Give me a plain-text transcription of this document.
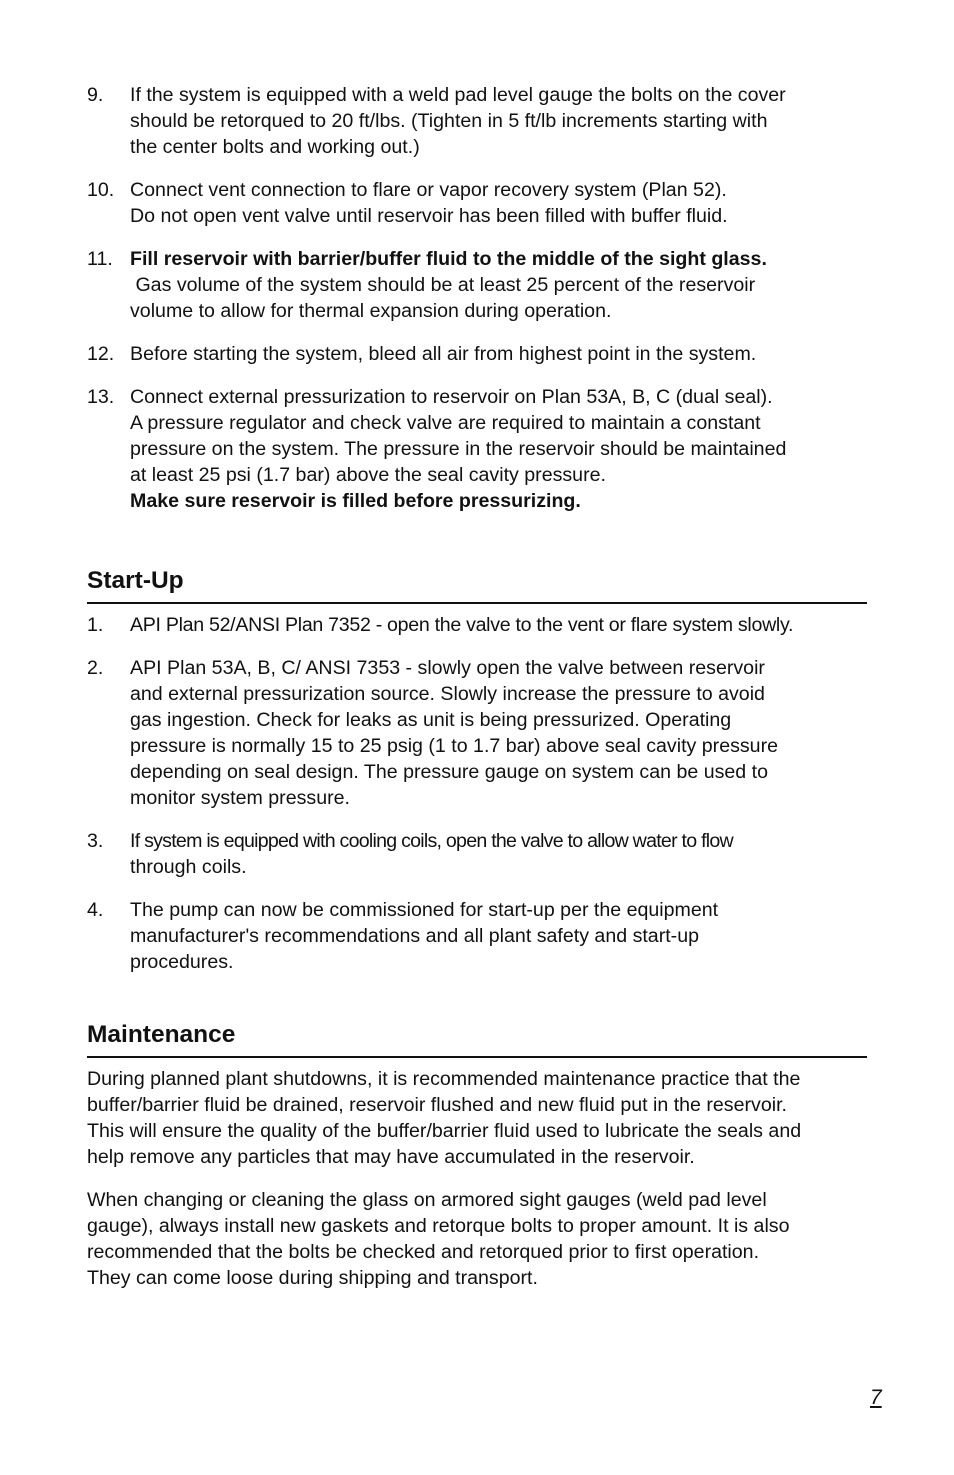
9.	If the system is equipped with a weld pad level gauge the bolts on the cover
should be retorqued to 20 ft/lbs. (Tighten in 5 ft/lb increments starting with
the center bolts and working out.)
10. Connect vent connection to flare or vapor recovery system (Plan 52).
Do not open vent valve until reservoir has been filled with buffer fluid.
11. Fill reservoir with barrier/buffer fluid to the middle of the sight glass.
Gas volume of the system should be at least 25 percent of the reservoir
volume to allow for thermal expansion during operation.
12. Before starting the system, bleed all air from highest point in the system.
13. Connect external pressurization to reservoir on Plan 53A, B, C (dual seal).
A pressure regulator and check valve are required to maintain a constant
pressure on the system. The pressure in the reservoir should be maintained
at least 25 psi (1.7 bar) above the seal cavity pressure.
Make sure reservoir is filled before pressurizing.
Start-Up
1.	API Plan 52/ANSI Plan 7352 - open the valve to the vent or flare system slowly.
2.	API Plan 53A, B, C/ ANSI 7353 - slowly open the valve between reservoir
and external pressurization source. Slowly increase the pressure to avoid
gas ingestion. Check for leaks as unit is being pressurized. Operating
pressure is normally 15 to 25 psig (1 to 1.7 bar) above seal cavity pressure
depending on seal design. The pressure gauge on system can be used to
monitor system pressure.
3.	If system is equipped with cooling coils, open the valve to allow water to flow
through coils.
4.	The pump can now be commissioned for start-up per the equipment
manufacturer's recommendations and all plant safety and start-up
procedures.
Maintenance
During planned plant shutdowns, it is recommended maintenance practice that the
buffer/barrier fluid be drained, reservoir flushed and new fluid put in the reservoir.
This will ensure the quality of the buffer/barrier fluid used to lubricate the seals and
help remove any particles that may have accumulated in the reservoir.
When changing or cleaning the glass on armored sight gauges (weld pad level
gauge), always install new gaskets and retorque bolts to proper amount. It is also
recommended that the bolts be checked and retorqued prior to first operation.
They can come loose during shipping and transport.
7
